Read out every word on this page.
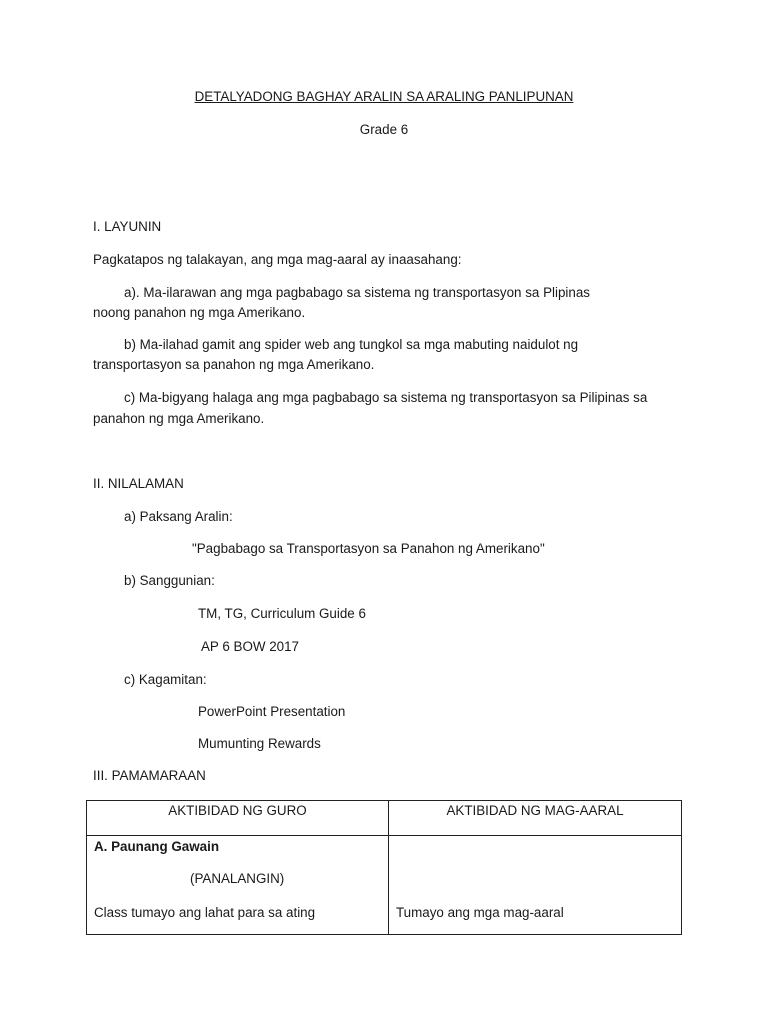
DETALYADONG BAGHAY ARALIN SA ARALING PANLIPUNAN
Grade 6
I. LAYUNIN
Pagkatapos ng talakayan, ang mga mag-aaral ay inaasahang:
a). Ma-ilarawan ang mga pagbabago sa sistema ng transportasyon sa Plipinas
noong panahon ng mga Amerikano.
b) Ma-ilahad gamit ang spider web ang tungkol sa mga mabuting naidulot ng
transportasyon sa panahon ng mga Amerikano.
c) Ma-bigyang halaga ang mga pagbabago sa sistema ng transportasyon sa Pilipinas sa
panahon ng mga Amerikano.
II. NILALAMAN
a) Paksang Aralin:
"Pagbabago sa Transportasyon sa Panahon ng Amerikano"
b) Sanggunian:
TM, TG, Curriculum Guide 6
AP 6 BOW 2017
c) Kagamitan:
PowerPoint Presentation
Mumunting Rewards
III. PAMAMARAAN
AKTIBIDAD NG GURO	AKTIBIDAD NG MAG-AARAL

A. Paunang Gawain
(PANALANGIN)
Class tumayo ang lahat para sa ating	Tumayo ang mga mag-aaral
